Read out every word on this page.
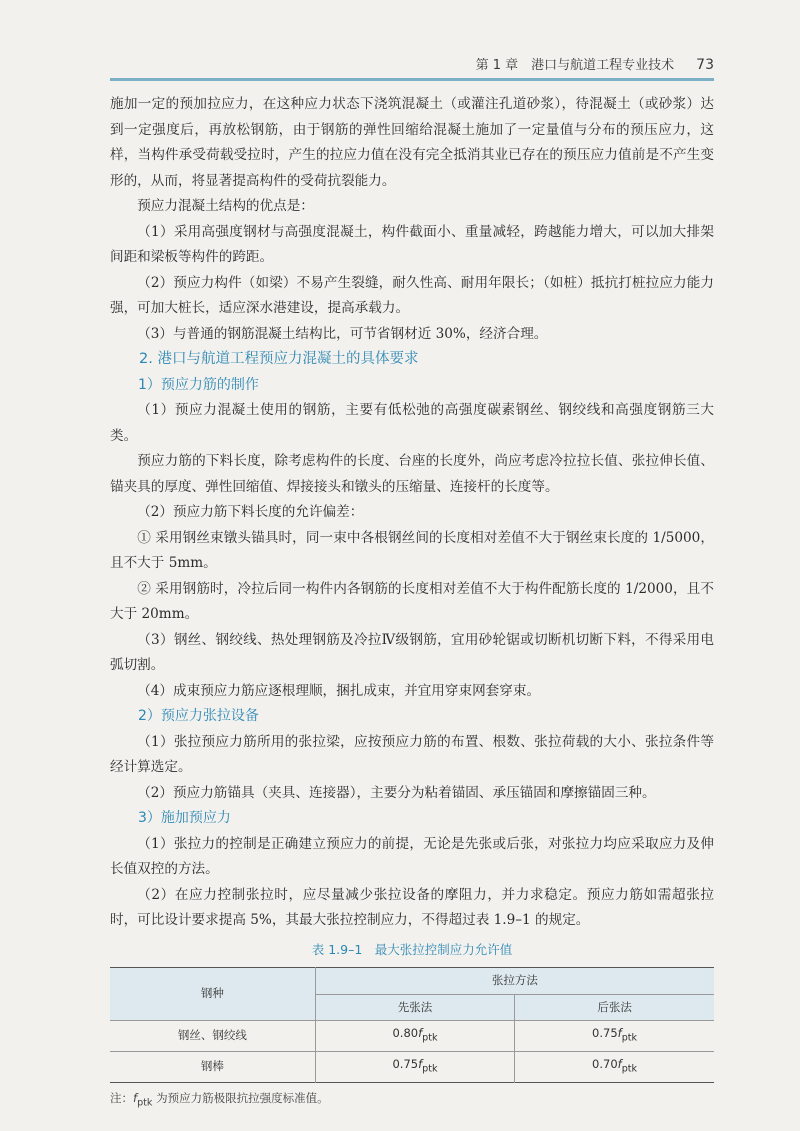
第 1 章　港口与航道工程专业技术 73

施加一定的预加拉应力，在这种应力状态下浇筑混凝土（或灌注孔道砂浆），待混凝土（或砂浆）达到一定强度后，再放松钢筋，由于钢筋的弹性回缩给混凝土施加了一定量值与分布的预压应力，这样，当构件承受荷载受拉时，产生的拉应力值在没有完全抵消其业已存在的预压应力值前是不产生变形的，从而，将显著提高构件的受荷抗裂能力。

预应力混凝土结构的优点是：

（1）采用高强度钢材与高强度混凝土，构件截面小、重量减轻，跨越能力增大，可以加大排架间距和梁板等构件的跨距。

（2）预应力构件（如梁）不易产生裂缝，耐久性高、耐用年限长；（如桩）抵抗打桩拉应力能力强，可加大桩长，适应深水港建设，提高承载力。

（3）与普通的钢筋混凝土结构比，可节省钢材近 30%，经济合理。

2. 港口与航道工程预应力混凝土的具体要求

1）预应力筋的制作

（1）预应力混凝土使用的钢筋，主要有低松弛的高强度碳素钢丝、钢绞线和高强度钢筋三大类。

预应力筋的下料长度，除考虑构件的长度、台座的长度外，尚应考虑冷拉拉长值、张拉伸长值、锚夹具的厚度、弹性回缩值、焊接接头和镦头的压缩量、连接杆的长度等。

（2）预应力筋下料长度的允许偏差：

① 采用钢丝束镦头锚具时，同一束中各根钢丝间的长度相对差值不大于钢丝束长度的 1/5000，且不大于 5mm。

② 采用钢筋时，冷拉后同一构件内各钢筋的长度相对差值不大于构件配筋长度的 1/2000，且不大于 20mm。

（3）钢丝、钢绞线、热处理钢筋及冷拉Ⅳ级钢筋，宜用砂轮锯或切断机切断下料，不得采用电弧切割。

（4）成束预应力筋应逐根理顺，捆扎成束，并宜用穿束网套穿束。

2）预应力张拉设备

（1）张拉预应力筋所用的张拉梁，应按预应力筋的布置、根数、张拉荷载的大小、张拉条件等经计算选定。

（2）预应力筋锚具（夹具、连接器），主要分为粘着锚固、承压锚固和摩擦锚固三种。

3）施加预应力

（1）张拉力的控制是正确建立预应力的前提，无论是先张或后张，对张拉力均应采取应力及伸长值双控的方法。

（2）在应力控制张拉时，应尽量减少张拉设备的摩阻力，并力求稳定。预应力筋如需超张拉时，可比设计要求提高 5%，其最大张拉控制应力，不得超过表 1.9–1 的规定。

表 1.9–1　最大张拉控制应力允许值
钢种	张拉方法	
	先张法	后张法
钢丝、钢绞线	$0.80f_{ptk}$	$0.75f_{ptk}$
钢棒	$0.75f_{ptk}$	$0.70f_{ptk}$
注：$f_{ptk}$ 为预应力筋极限抗拉强度标准值。
